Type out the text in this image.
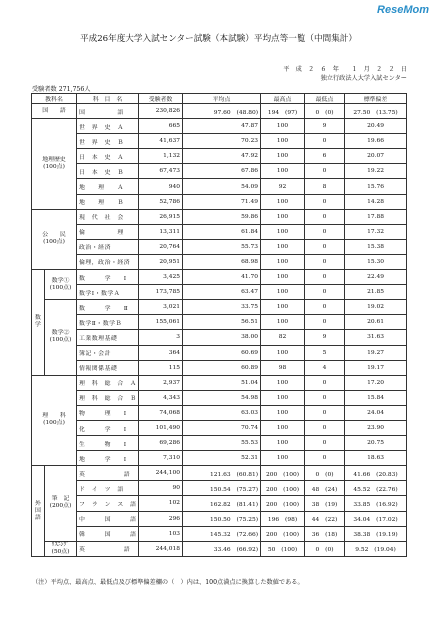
ReseMom
平成26年度大学入試センター試験（本試験）平均点等一覧（中間集計）
平　成　２　６　年　　１　月　２　２　日
独立行政法人大学入試センター
受験者数 271,756人
教科名		科　目　名	受験者数	平均点	最高点	最低点	標準偏差
国　　語		国　　　　　語	230,826	97.60　(48.80)	194　(97)	0　(0)	27.50　(13.75)
地理歴史
(100点)		世　界　史　Ａ	665	47.87	100	9	20.49
		世　界　史　Ｂ	41,637	70.23	100	0	19.66
		日　本　史　Ａ	1,132	47.92	100	6	20.07
		日　本　史　Ｂ	67,473	67.86	100	0	19.22
		地　　理　　Ａ	940	54.09	92	8	15.76
		地　　理　　Ｂ	52,786	71.49	100	0	14.28
公　　民
(100点)		現　代　社　会	26,915	59.86	100	0	17.88
		倫　　　　　理	13,311	61.84	100	0	17.32
		政治・経済	20,764	55.73	100	0	15.38
		倫理，政治・経済	20,951	68.98	100	0	15.30
数　学	数学①
(100点)	数　　　学　　Ⅰ	3,425	41.70	100	0	22.49
		数学Ⅰ・数学Ａ	173,785	63.47	100	0	21.85
	数学②
(100点)	数　　　学　　Ⅱ	3,021	33.75	100	0	19.02
		数学Ⅱ・数学Ｂ	155,061	56.51	100	0	20.61
		工業数理基礎	3	38.00	82	9	31.63
		簿記・会計	364	60.69	100	5	19.27
		情報関係基礎	115	60.89	98	4	19.17
理　　科
(100点)		理　科　総　合　Ａ	2,937	51.04	100	0	17.20
		理　科　総　合　Ｂ	4,343	54.98	100	0	15.84
		物　　　理　　Ⅰ	74,068	63.03	100	0	24.04
		化　　　学　　Ⅰ	101,490	70.74	100	0	23.90
		生　　　物　　Ⅰ	69,286	55.53	100	0	20.75
		地　　　学　　Ⅰ	7,310	52.31	100	0	18.63
外国語	筆　記
(200点)	英　　　　　　語	244,100	121.63　(60.81)	200　(100)	0　(0)	41.66　(20.83)
		ド　イ　ツ　語	90	150.54　(75.27)	200　(100)	48　(24)	45.52　(22.76)
		フ　ラ　ン　ス　語	102	162.82　(81.41)	200　(100)	38　(19)	33.85　(16.92)
		中　　　国　　　語	296	150.50　(75.25)	196　(98)	44　(22)	34.04　(17.02)
		韓　　　国　　　語	103	145.32　(72.66)	200　(100)	36　(18)	38.38　(19.19)
	ﾘｽﾆﾝｸﾞ
(50点)	英　　　　　　語	244,018	33.46　(66.92)	50　(100)	0　(0)	9.52　(19.04)
（注）平均点、最高点、最低点及び標準偏差欄の（　）内は、100点満点に換算した数値である。
